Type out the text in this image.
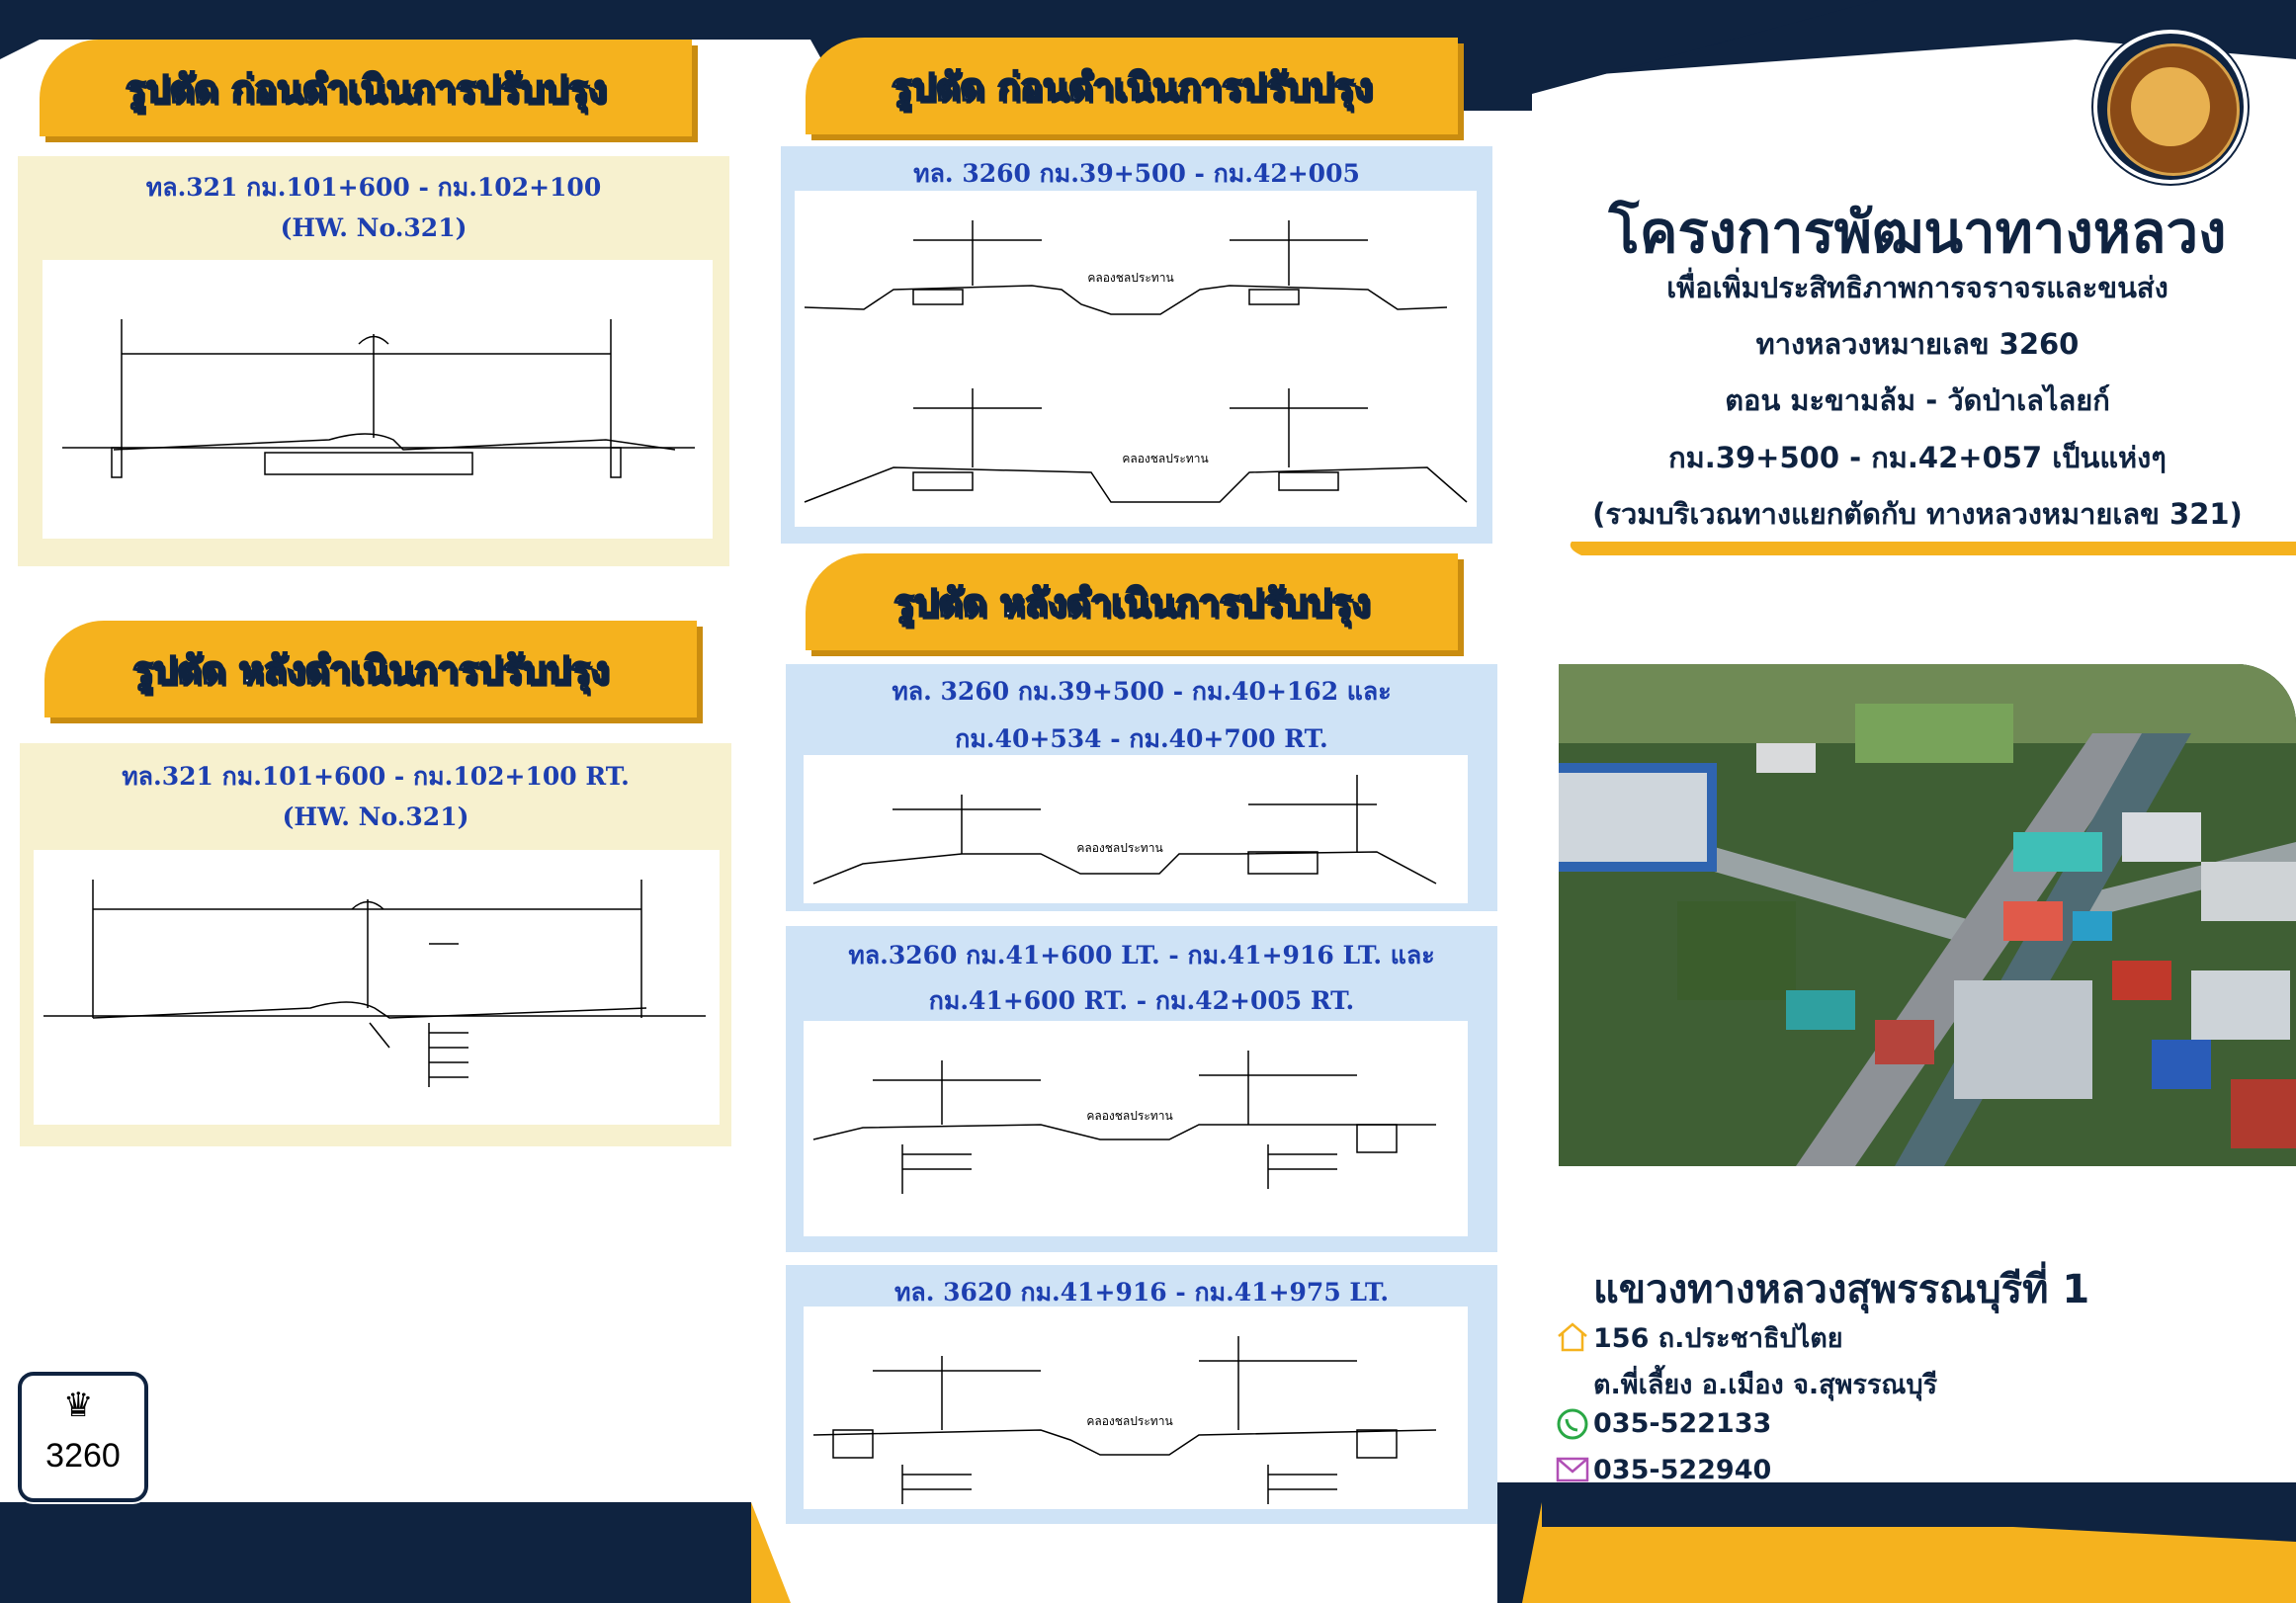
รูปตัด ก่อนดำเนินการปรับปรุง
ทล.321 กม.101+600 - กม.102+100
(HW. No.321)
รูปตัด หลังดำเนินการปรับปรุง
ทล.321 กม.101+600 - กม.102+100 RT.
(HW. No.321)
♛
3260
รูปตัด ก่อนดำเนินการปรับปรุง
ทล. 3260 กม.39+500 - กม.42+005
คลองชลประทาน
คลองชลประทาน
รูปตัด หลังดำเนินการปรับปรุง
ทล. 3260 กม.39+500 - กม.40+162 และ
กม.40+534 - กม.40+700 RT.
คลองชลประทาน
ทล.3260 กม.41+600 LT. - กม.41+916 LT. และ
กม.41+600 RT. - กม.42+005 RT.
คลองชลประทาน
ทล. 3620 กม.41+916 - กม.41+975 LT.
คลองชลประทาน
โครงการพัฒนาทางหลวง
เพื่อเพิ่มประสิทธิภาพการจราจรและขนส่ง
ทางหลวงหมายเลข 3260
ตอน มะขามล้ม - วัดป่าเลไลยก์
กม.39+500 - กม.42+057 เป็นแห่งๆ
(รวมบริเวณทางแยกตัดกับ ทางหลวงหมายเลข 321)
แขวงทางหลวงสุพรรณบุรีที่ 1
156 ถ.ประชาธิปไตย
ต.พี่เลี้ยง อ.เมือง จ.สุพรรณบุรี
035-522133
035-522940
